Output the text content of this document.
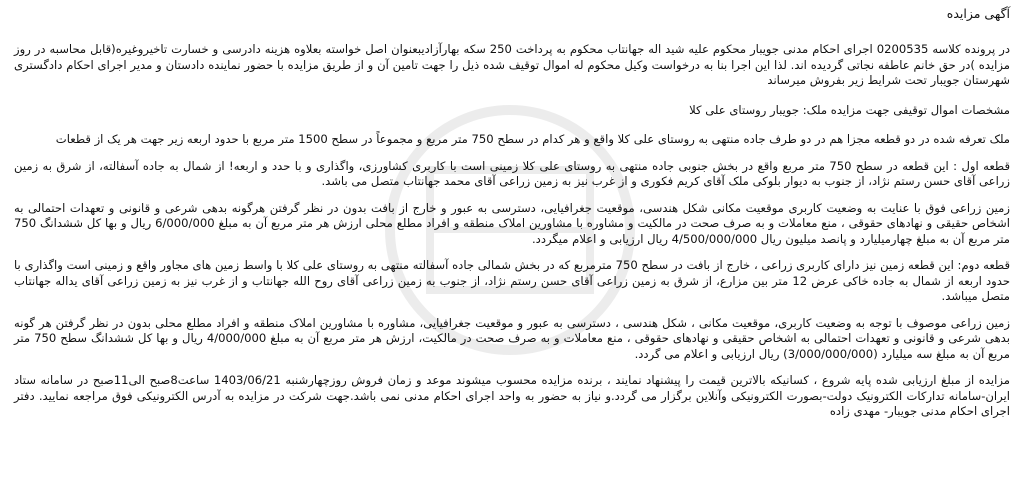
آگهی مزایده

در پرونده کلاسه 0200535 اجرای احکام مدنی جویبار محکوم علیه شید اله جهانتاب محکوم به پرداخت 250 سکه بهارآزادیبعنوان اصل خواسته بعلاوه هزینه دادرسی و خسارت تاخیروغیره(قابل محاسبه در روز مزایده )در حق خانم عاطفه نجاتی گردیده اند. لذا این اجرا بنا به درخواست وکیل محکوم له اموال توقیف شده ذیل را جهت تامین آن و از طریق مزایده با حضور نماینده دادستان و مدیر اجرای احکام دادگستری شهرستان جویبار تحت شرایط زیر بفروش میرساند

مشخصات اموال توقیفی جهت مزایده ملک: جویبار روستای علی کلا

ملک تعرفه شده در دو قطعه مجزا هم در دو طرف جاده منتهی به روستای علی کلا واقع و هر کدام در سطح 750 متر مربع و مجموعاً در سطح 1500 متر مربع با حدود اربعه زیر جهت هر یک از قطعات

قطعه اول : این قطعه در سطح 750 متر مربع واقع در بخش جنوبی جاده منتهی به روستای علی کلا زمینی است با کاربری کشاورزی، واگذاری و با حدد و اربعه! از شمال به جاده آسفالته، از شرق به زمین زراعی آقای حسن رستم نژاد، از جنوب به دیوار بلوکی ملک آقای کریم فکوری و از غرب نیز به زمین زراعی آقای محمد جهانتاب متصل می باشد.

زمین زراعی فوق با عنایت به وضعیت کاربری موقعیت مکانی شکل هندسی، موقعیت جغرافیایی، دسترسی به عبور و خارج از بافت بدون در نظر گرفتن هرگونه بدهی شرعی و قانونی و تعهدات احتمالی به اشخاص حقیقی و نهادهای حقوقی ، منع معاملات و به صرف صحت در مالکیت و مشاوره با مشاورین املاک منطقه و افراد مطلع محلی ارزش هر متر مربع آن به مبلغ 6/000/000 ریال و بها کل ششدانگ 750 متر مربع آن به مبلغ چهارمیلیارد و پانصد میلیون ریال 4/500/000/000 ریال ارزیابی و اعلام میگردد.

قطعه دوم: این قطعه زمین نیز دارای کاربری زراعی ، خارج از بافت در سطح 750 مترمربع که در بخش شمالی جاده آسفالته منتهی به روستای علی کلا با واسط زمین های مجاور واقع و زمینی است واگذاری با حدود اربعه از شمال به جاده خاکی عرض 12 متر بین مزارع، از شرق به زمین زراعی آقای حسن رستم نژاد، از جنوب به زمین زراعی آقای روح الله جهانتاب و از غرب نیز به زمین زراعی آقای یداله جهانتاب متصل میباشد.

زمین زراعی موصوف با توجه به وضعیت کاربری، موقعیت مکانی ، شکل هندسی ، دسترسی به عبور و موقعیت جغرافیایی، مشاوره با مشاورین املاک منطقه و افراد مطلع محلی بدون در نظر گرفتن هر گونه بدهی شرعی و قانونی و تعهدات احتمالی به اشخاص حقیقی و نهادهای حقوقی ، منع معاملات و به صرف صحت در مالکیت، ارزش هر متر مربع آن به مبلغ 4/000/000 ریال و بها کل ششدانگ سطح 750 متر مربع آن به مبلغ سه میلیارد (3/000/000/000) ریال ارزیابی و اعلام می گردد.

مزایده از مبلغ ارزیابی شده پایه شروع ، کسانیکه بالاترین قیمت را پیشنهاد نمایند ، برنده مزایده محسوب میشوند موعد و زمان فروش روزچهارشنبه 1403/06/21 ساعت8صبح الی11صبح در سامانه ستاد ایران-سامانه تدارکات الکترونیک دولت-بصورت الکترونیکی وآنلاین برگزار می گردد.و نیاز به حضور به واحد اجرای احکام مدنی نمی باشد.جهت شرکت در مزایده به آدرس الکترونیکی فوق مراجعه نمایید. دفتر اجرای احکام مدنی جویبار- مهدی زاده
